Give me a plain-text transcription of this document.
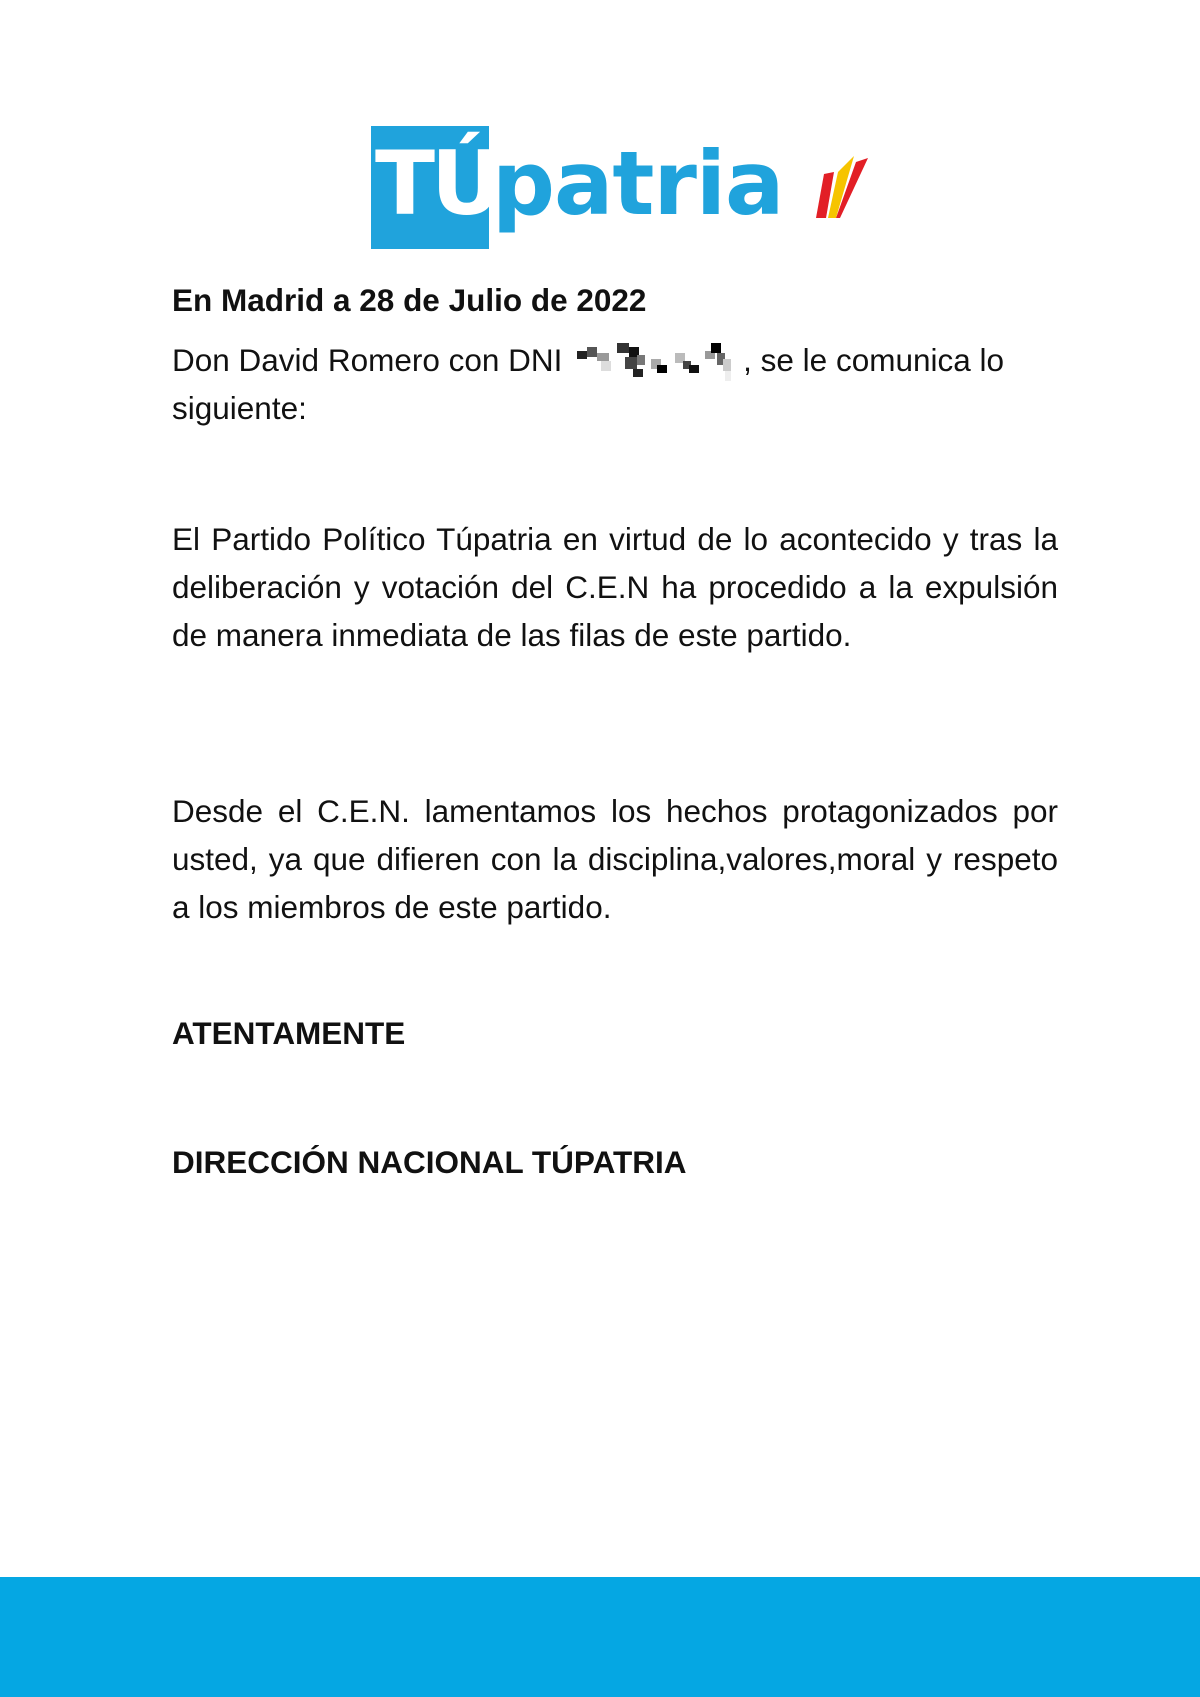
TÚ
patria

En Madrid a 28 de Julio de 2022

Don David Romero con DNI	, se le comunica lo siguiente:

El Partido Político Túpatria en virtud de lo acontecido y tras la deliberación y votación del C.E.N ha procedido a la expulsión de manera inmediata de las filas de este partido.

Desde el C.E.N. lamentamos los hechos protagonizados por usted, ya que difieren con la disciplina,valores,moral y respeto a los miembros de este partido.

ATENTAMENTE

DIRECCIÓN NACIONAL TÚPATRIA
